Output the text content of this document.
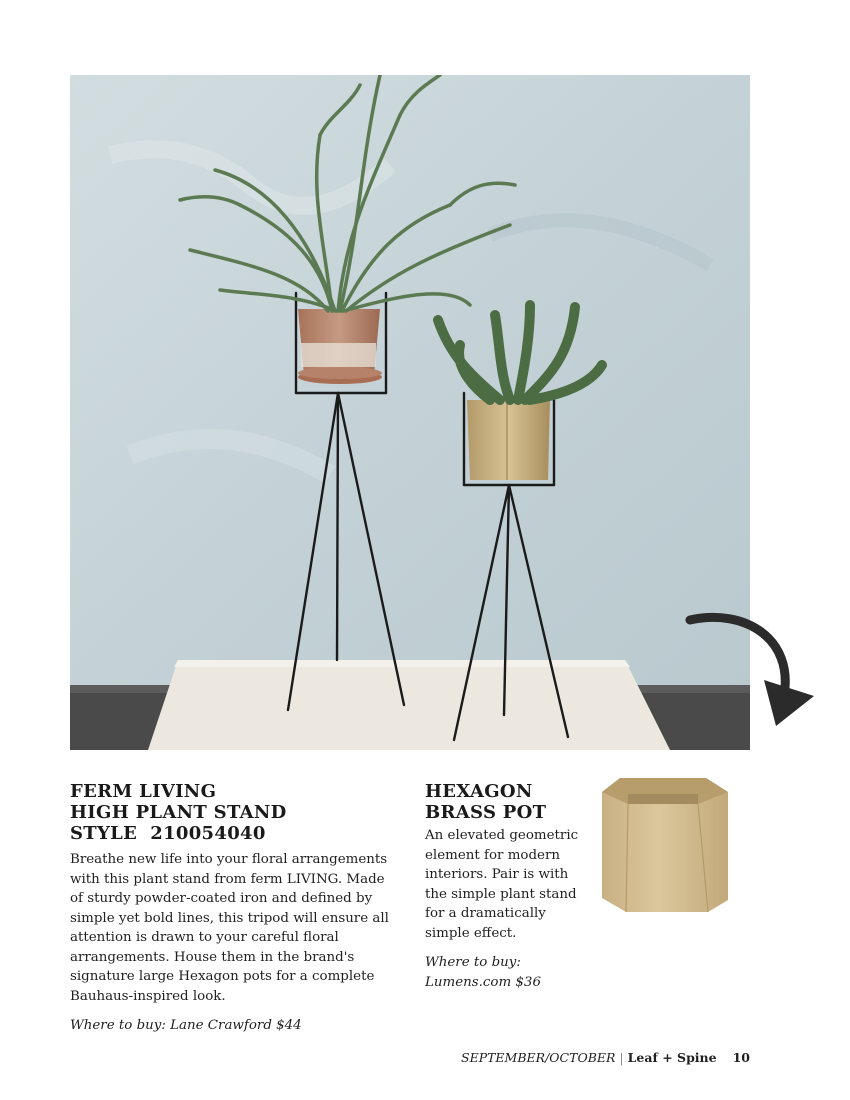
FERM LIVING
HIGH PLANT STAND
STYLE  210054040

Breathe new life into your floral arrangements with this plant stand from ferm LIVING. Made of sturdy powder-coated iron and defined by simple yet bold lines, this tripod will ensure all attention is drawn to your careful floral arrangements. House them in the brand's signature large Hexagon pots for a complete Bauhaus-inspired look.

Where to buy: Lane Crawford $44

HEXAGON
BRASS POT

An elevated geometric element for modern interiors. Pair is with the simple plant stand for a dramatically simple effect.

Where to buy:
Lumens.com $36

SEPTEMBER/OCTOBER | Leaf + Spine 10
